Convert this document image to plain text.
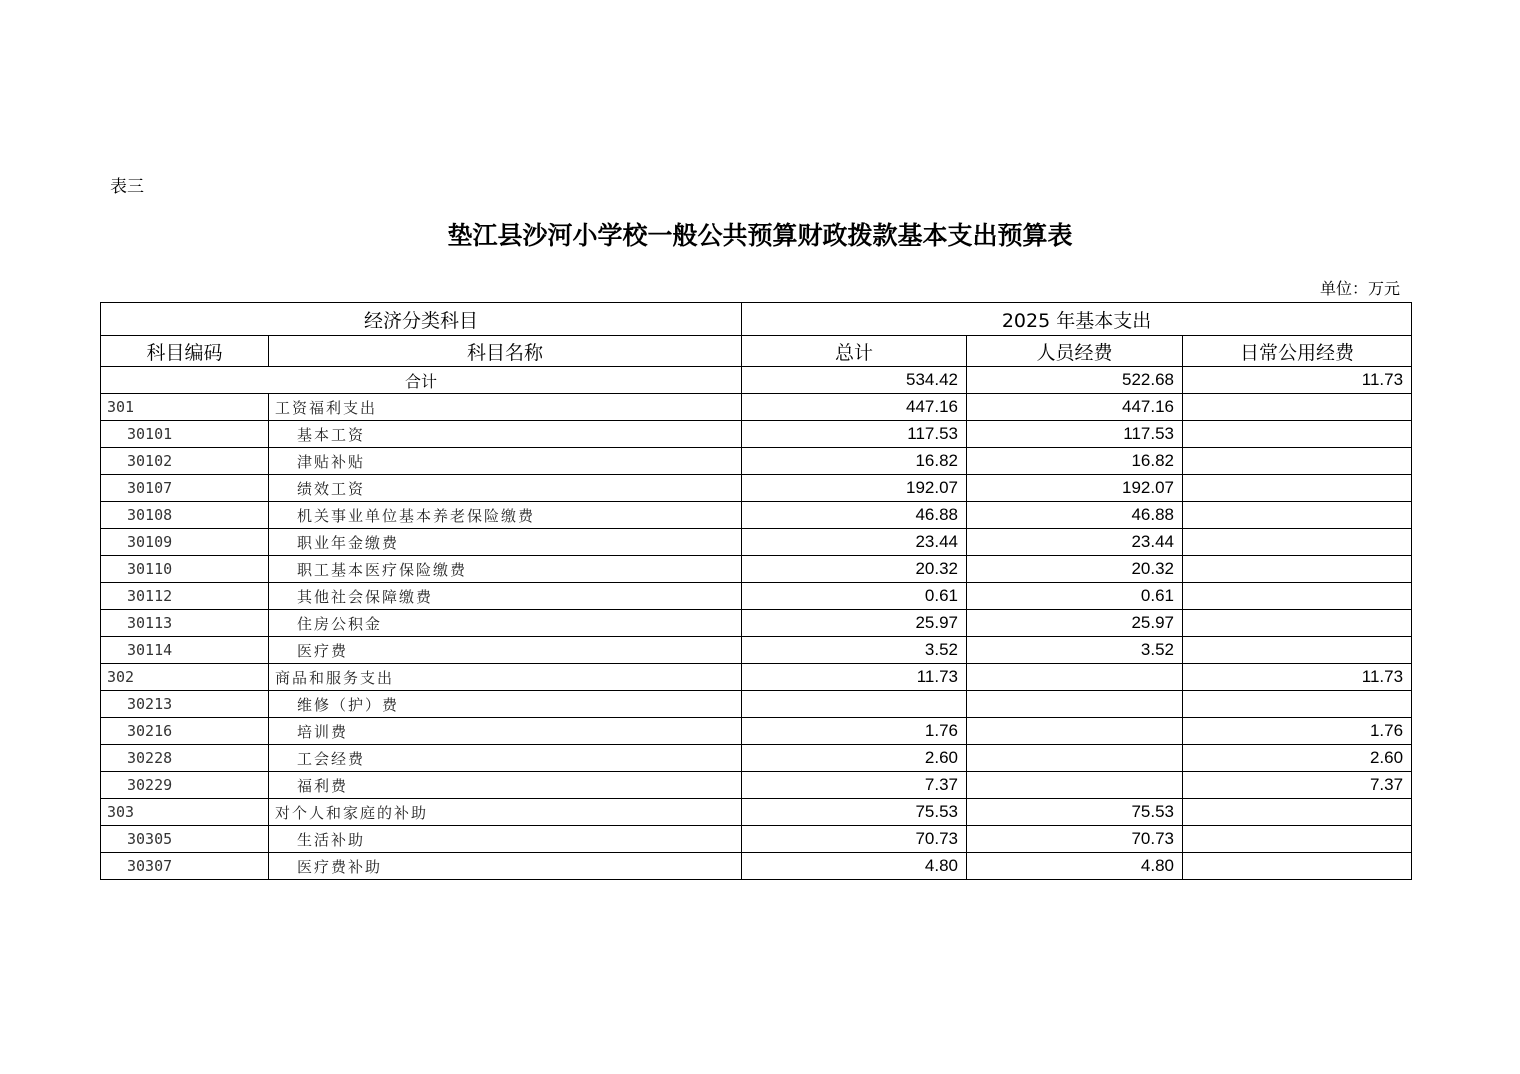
表三
垫江县沙河小学校一般公共预算财政拨款基本支出预算表
单位：万元
经济分类科目		2025 年基本支出		
科目编码	科目名称	总计	人员经费	日常公用经费
合计		534.42	522.68	11.73
301	工资福利支出	447.16	447.16	
30101	基本工资	117.53	117.53	
30102	津贴补贴	16.82	16.82	
30107	绩效工资	192.07	192.07	
30108	机关事业单位基本养老保险缴费	46.88	46.88	
30109	职业年金缴费	23.44	23.44	
30110	职工基本医疗保险缴费	20.32	20.32	
30112	其他社会保障缴费	0.61	0.61	
30113	住房公积金	25.97	25.97	
30114	医疗费	3.52	3.52	
302	商品和服务支出	11.73		11.73
30213	维修（护）费			
30216	培训费	1.76		1.76
30228	工会经费	2.60		2.60
30229	福利费	7.37		7.37
303	对个人和家庭的补助	75.53	75.53	
30305	生活补助	70.73	70.73	
30307	医疗费补助	4.80	4.80	
